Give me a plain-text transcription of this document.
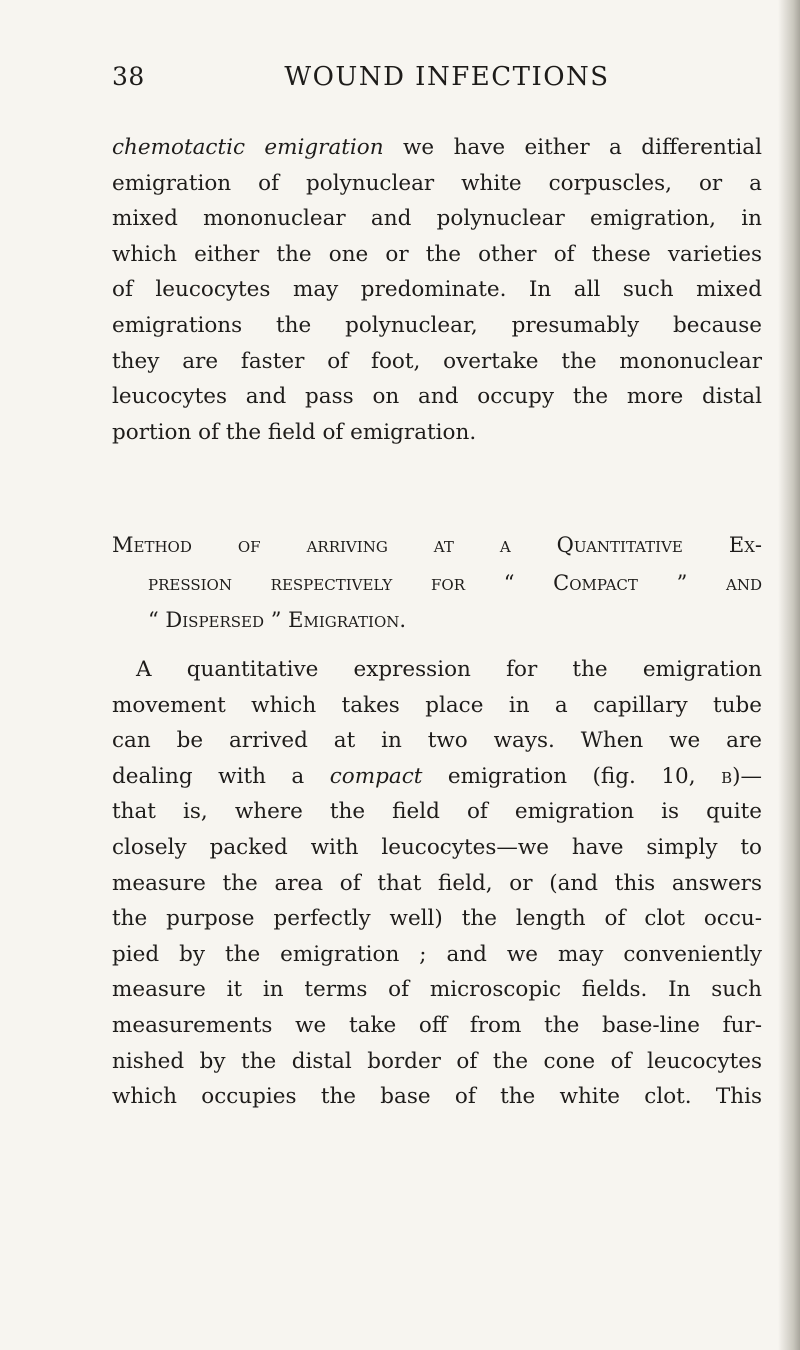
38	WOUND INFECTIONS
chemotactic emigration we have either a differential
emigration of polynuclear white corpuscles, or a
mixed mononuclear and polynuclear emigration, in
which either the one or the other of these varieties
of leucocytes may predominate. In all such mixed
emigrations the polynuclear, presumably because
they are faster of foot, overtake the mononuclear
leucocytes and pass on and occupy the more distal
portion of the field of emigration.
Method of arriving at a Quantitative Ex-
pression respectively for “ Compact ” and
“ Dispersed ” Emigration.
A quantitative expression for the emigration
movement which takes place in a capillary tube
can be arrived at in two ways. When we are
dealing with a compact emigration (fig. 10, b)—
that is, where the field of emigration is quite
closely packed with leucocytes—we have simply to
measure the area of that field, or (and this answers
the purpose perfectly well) the length of clot occu-
pied by the emigration ; and we may conveniently
measure it in terms of microscopic fields. In such
measurements we take off from the base-line fur-
nished by the distal border of the cone of leucocytes
which occupies the base of the white clot. This
